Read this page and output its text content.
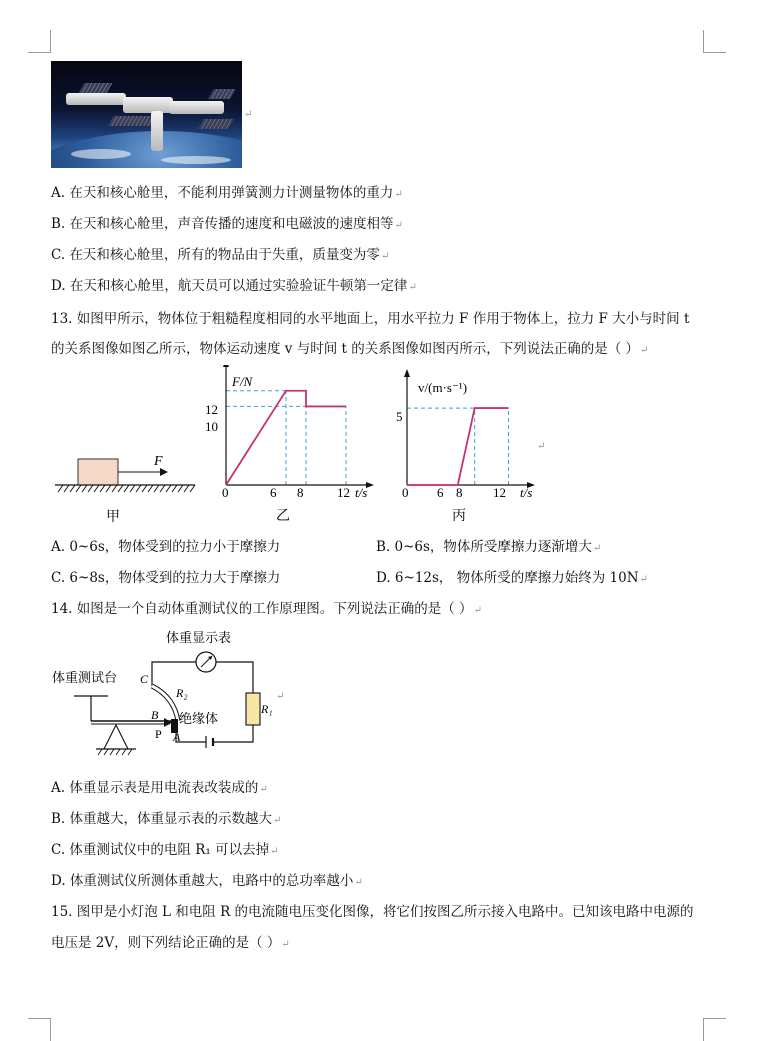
↵
A. 在天和核心舱里，不能利用弹簧测力计测量物体的重力↵
B. 在天和核心舱里，声音传播的速度和电磁波的速度相等↵
C. 在天和核心舱里，所有的物品由于失重，质量变为零↵
D. 在天和核心舱里，航天员可以通过实验验证牛顿第一定律↵
13. 如图甲所示，物体位于粗糙程度相同的水平地面上，用水平拉力 F 作用于物体上，拉力 F 大小与时间 t
的关系图像如图乙所示，物体运动速度 v 与时间 t 的关系图像如图丙所示，下列说法正确的是（ ）↵
F
甲
F/N
t/s
0
12
10
6 8	12
乙
v/(m·s⁻¹)
t/s
0
5
6 8 12
丙
↵
A. 0~6s，物体受到的拉力小于摩擦力	B. 0~6s，物体所受摩擦力逐渐增大↵
C. 6~8s，物体受到的拉力大于摩擦力	D. 6~12s， 物体所受的摩擦力始终为 10N↵
14. 如图是一个自动体重测试仪的工作原理图。下列说法正确的是（ ）↵
体重显示表
R₁
C
R₂
绝缘体
B
A
P
体重测试台
↵
A. 体重显示表是用电流表改装成的↵
B. 体重越大，体重显示表的示数越大↵
C. 体重测试仪中的电阻 R₁ 可以去掉↵
D. 体重测试仪所测体重越大，电路中的总功率越小↵
15. 图甲是小灯泡 L 和电阻 R 的电流随电压变化图像，将它们按图乙所示接入电路中。已知该电路中电源的
电压是 2V，则下列结论正确的是（ ）↵
